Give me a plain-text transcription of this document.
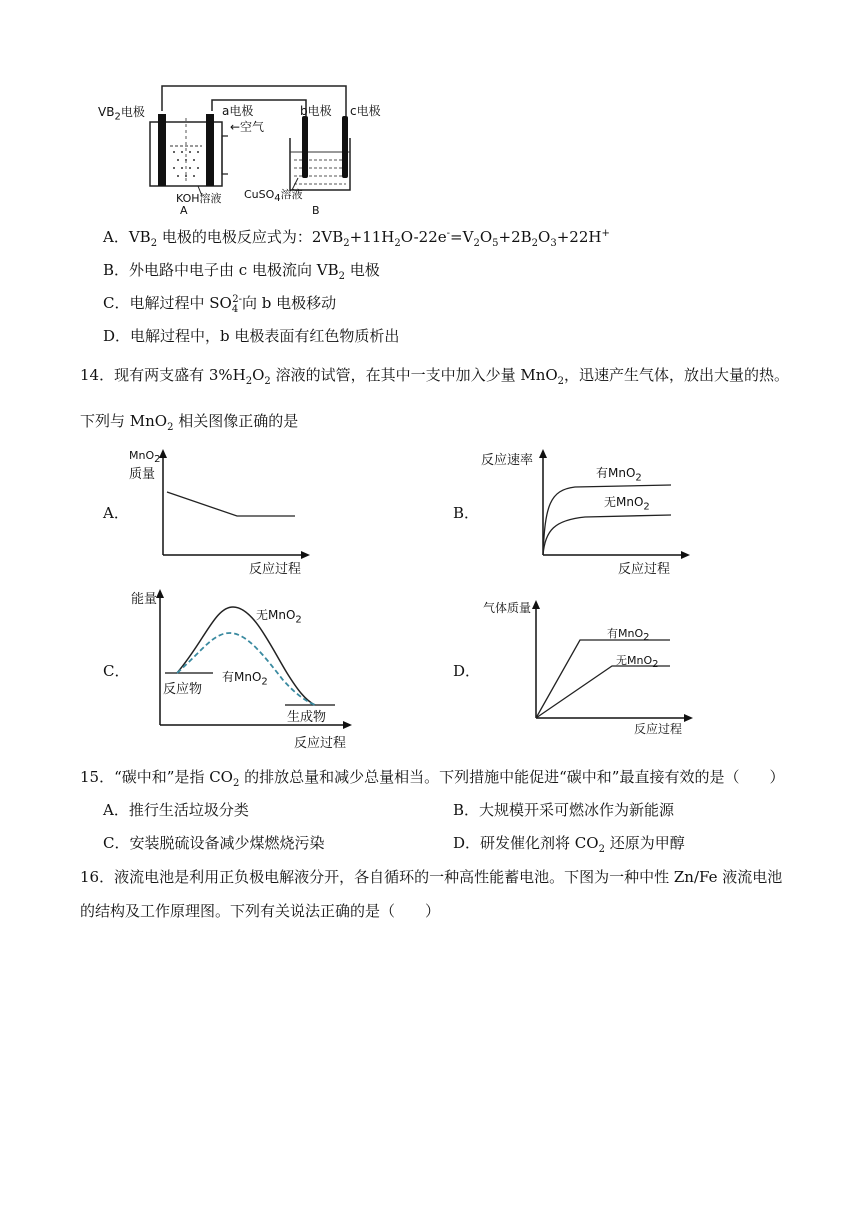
$VB_2$电极	a电极	b电极 c电极
←空气
KOH溶液 CuSO$_4$溶液
A	B
A．$VB_2$ 电极的电极反应式为：$2VB_2+11H_2O-22e^-=V_2O_5+2B_2O_3+22H^+$
B．外电路中电子由 c 电极流向 $VB_2$ 电极
C．电解过程中 $SO_4^{2-}$向 b 电极移动
D．电解过程中，b 电极表面有红色物质析出
14．现有两支盛有 $3\%H_2O_2$ 溶液的试管，在其中一支中加入少量 MnO$_2$，迅速产生气体，放出大量的热。
下列与 MnO$_2$ 相关图像正确的是
A．	B．
C．	D．
MnO$_2$
质量
反应过程
反应速率
有MnO$_2$
无MnO$_2$
反应过程
能量
无MnO$_2$
有MnO$_2$
反应物
生成物
反应过程
气体质量
有MnO$_2$
无MnO$_2$
反应过程
15．“碳中和”是指 $CO_2$ 的排放总量和减少总量相当。下列措施中能促进“碳中和”最直接有效的是（　　）
A．推行生活垃圾分类	B．大规模开采可燃冰作为新能源
C．安装脱硫设备减少煤燃烧污染	D．研发催化剂将 $CO_2$ 还原为甲醇
16．液流电池是利用正负极电解液分开，各自循环的一种高性能蓄电池。下图为一种中性 Zn/Fe 液流电池
的结构及工作原理图。下列有关说法正确的是（　　）
